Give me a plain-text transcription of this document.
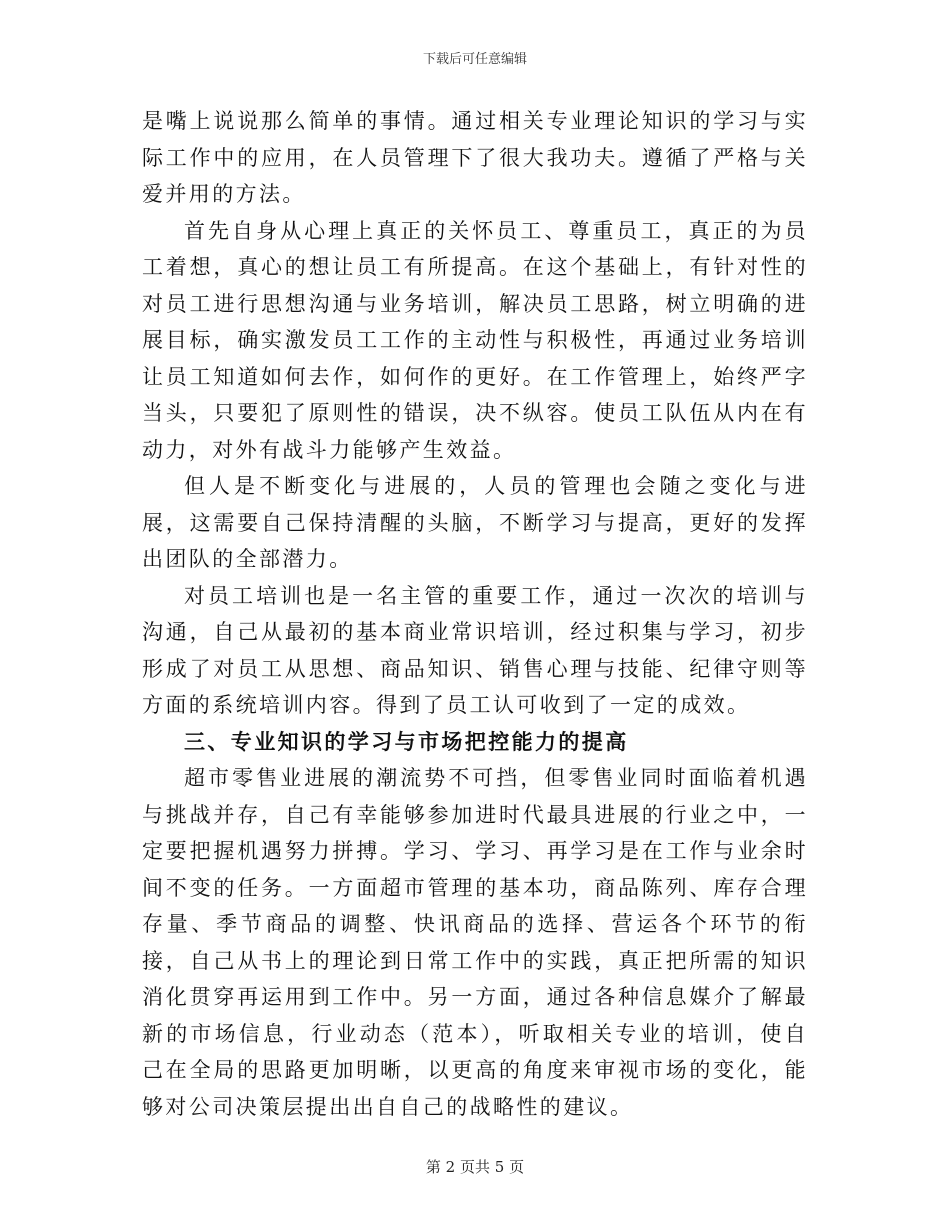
下载后可任意编辑

是嘴上说说那么简单的事情。通过相关专业理论知识的学习与实际工作中的应用，在人员管理下了很大我功夫。遵循了严格与关爱并用的方法。

首先自身从心理上真正的关怀员工、尊重员工，真正的为员工着想，真心的想让员工有所提高。在这个基础上，有针对性的对员工进行思想沟通与业务培训，解决员工思路，树立明确的进展目标，确实激发员工工作的主动性与积极性，再通过业务培训让员工知道如何去作，如何作的更好。在工作管理上，始终严字当头，只要犯了原则性的错误，决不纵容。使员工队伍从内在有动力，对外有战斗力能够产生效益。

但人是不断变化与进展的，人员的管理也会随之变化与进展，这需要自己保持清醒的头脑，不断学习与提高，更好的发挥出团队的全部潜力。

对员工培训也是一名主管的重要工作，通过一次次的培训与沟通，自己从最初的基本商业常识培训，经过积集与学习，初步形成了对员工从思想、商品知识、销售心理与技能、纪律守则等方面的系统培训内容。得到了员工认可收到了一定的成效。

三、专业知识的学习与市场把控能力的提高

超市零售业进展的潮流势不可挡，但零售业同时面临着机遇与挑战并存，自己有幸能够参加进时代最具进展的行业之中，一定要把握机遇努力拼搏。学习、学习、再学习是在工作与业余时间不变的任务。一方面超市管理的基本功，商品陈列、库存合理存量、季节商品的调整、快讯商品的选择、营运各个环节的衔接，自己从书上的理论到日常工作中的实践，真正把所需的知识消化贯穿再运用到工作中。另一方面，通过各种信息媒介了解最新的市场信息，行业动态（范本），听取相关专业的培训，使自己在全局的思路更加明晰，以更高的角度来审视市场的变化，能够对公司决策层提出出自自己的战略性的建议。

第 2 页共 5 页
